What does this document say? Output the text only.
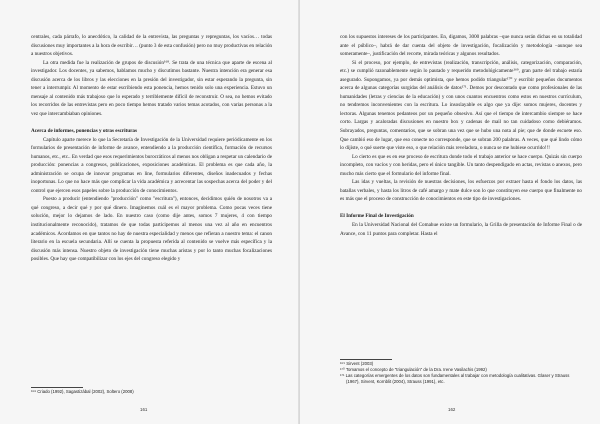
centrales, cada párrafo, lo anecdótico, la calidad de la entrevista, las preguntas y repreguntas, los vacíos… todas discusiones muy importantes a la hora de escribir… (punto 3 de esta confusión) pero no muy productivas en relación a nuestros objetivos.

La otra medida fue la realización de grupos de discusión¹⁶⁸. Se trata de una técnica que aparte de escena al investigador. Los docentes, ya sabemos, hablamos mucho y discutimos bastante. Nuestra intención era generar esa discusión acerca de los libros y las elecciones en la presión del investigador, sin estar esperando la pregunta, sin tener a interrumpir. Al momento de estar escribiendo esta ponencia, hemos tenido solo una experiencia. Estuvo un mensaje al contenido más trabajoso que lo esperado y terriblemente difícil de reconstruir. O sea, no hemos evitado los recorridos de las entrevistas pero en poco tiempo hemos tratado varios temas acotados, con varias personas a la vez que intercambiaban opiniones.

Acerca de informes, ponencias y otras escrituras

Capítulo aparte merece lo que la Secretaría de Investigación de la Universidad requiere periódicamente en los formularios de presentación de informe de avance, entendiendo a la producción científica, formación de recursos humanos, etc., etc.. En verdad que esos requerimientos burocráticos al menos nos obligan a respetar un calendario de producción: ponencias a congresos, publicaciones, exposiciones académicas. El problema es que cada año, la administración se ocupa de innovar programas en line, formularios diferentes, diseños inadecuados y fechas inoportunas. Lo que no hace más que complicar la vida académica y acrecentar las sospechas acerca del poder y del control que ejercen esos papeles sobre la producción de conocimientos.

Puesto a producir (entendiendo "producción" como "escritura"), entonces, decidimos quién de nosotros va a qué congreso, a decir qué y por qué dinero. Imaginemos cuál es el mayor problema. Como pocas veces tiene solución, mejor lo dejamos de lado. En nuestro caso (como dije antes, somos 7 mujeres, 4 con tiempo institucionalmente reconocido), tratamos de que todas participemos al menos una vez al año en encuentros académicos. Acordamos en que tantos no hay de nuestra especialidad y menos que refieran a nuestro tema: el canon literario en la escuela secundaria. Allí se cuenta la propuesta referida al contenido se vuelve más específica y la discusión más intensa. Nuestro objeto de investigación tiene muchas aristas y por lo tanto muchas focalizaciones posibles. Que hay que compatibilizar con los ejes del congreso elegido y

¹⁶⁸ Criado (1992), Sagastizábal (2002), Soltero (2008)
161

con los supuestos intereses de los participantes. En, digamos, 3000 palabras –que nunca serán dichas en su totalidad ante el público–, habrá de dar cuenta del objeto de investigación, focalización y metodología –aunque sea someramente–, justificación del recorte, mirada teóricas y algunos resultados.

Si el proceso, por ejemplo, de entrevistas (realización, transcripción, análisis, categorización, comparación, etc.) se cumplió razonablemente según lo pautado y requerido metodológicamente¹⁶⁹, gran parte del trabajo estaría asegurado. Supongamos, ya por demás optimista, que hemos podido triangular¹⁷⁰ y escribir pequeños documentos acerca de algunas categorías surgidas del análisis de datos¹⁷¹. Demos por descontado que como profesionales de las humanidades (letras y ciencias de la educación) y con unos cuantos encuentros como estos en nuestros currículum, no tendremos inconvenientes con la escritura. Lo insoslayable es algo que ya dije: somos mujeres, docentes y lectoras. Algunas tenemos pedanteos por un pequeño obsesivo. Así que el tiempo de intercambio siempre se hace corto. Largas y acaloradas discusiones en nuestro box y cadenas de mail no tan cuidadoso como debiéramos. Subrayados, preguntas, comentarios, que se sobran una vez que se hubo una nota al pie; que de donde escuete eso. Que cambió eso de lugar, que eso conecte no corresponde, que se sobran 200 palabras. A veces, que qué lindo cómo lo dijiste, o qué suerte que viste eso, o que relación más reveladora, o nunca se me hubiese ocurrido!!!

Lo cierto es que es en ese proceso de escritura donde todo el trabajo anterior se hace cuerpo. Quizás sin cuerpo incompleto, con vacíos y con heridas, pero el único tangible. Un tanto despendigado en actas, revistas o anexos, pero mucho más cierto que el formulario del informe final.

Las idas y vueltas, la revisión de nuestras decisiones, los esfuerzos por extraer hasta el fondo los datos, las batallas verbales, y hasta los litros de café amargo y mate dulce son lo que constituyen ese cuerpo que finalmente no es más que el proceso de construcción de conocimientos en este tipo de investigaciones.

El Informe Final de Investigación

En la Universidad Nacional del Comahue existe un formulario, la Grilla de presentación de Informe Final o de Avance, con 11 puntos para completar. Hasta el

¹⁶⁹ Sirvent (2003)
¹⁷⁰ Tomamos el concepto de "triangulación" de la Dra. Irene Vasilachis (1992)
¹⁷¹ Las categorías emergentes de los datos son fundamentales al trabajar con metodología cualitativas. Glaser y Strauss (1967), Sirvent, Kornblit (2004), Strauss (1991), etc.
162
